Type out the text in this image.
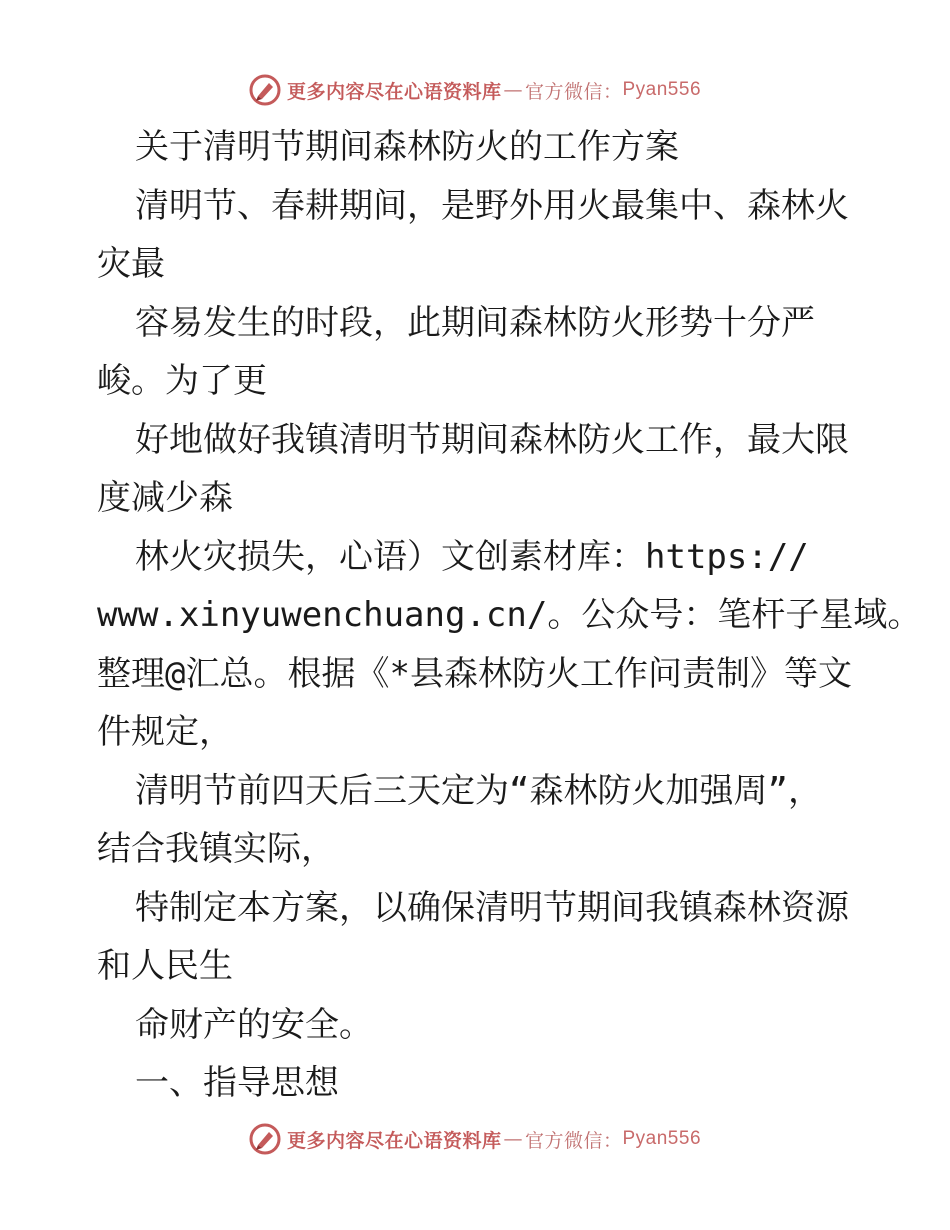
更多内容尽在心语资料库 — 官方微信： Pyan556
关于清明节期间森林防火的工作方案
清明节、春耕期间，是野外用火最集中、森林火
灾最
容易发生的时段，此期间森林防火形势十分严
峻。为了更
好地做好我镇清明节期间森林防火工作，最大限
度减少森
林火灾损失，心语）文创素材库：https://
www.xinyuwenchuang.cn/。公众号：笔杆子星域。
整理@汇总。根据《*县森林防火工作问责制》等文
件规定，
清明节前四天后三天定为“森林防火加强周”，
结合我镇实际，
特制定本方案，以确保清明节期间我镇森林资源
和人民生
命财产的安全。
一、指导思想
更多内容尽在心语资料库 — 官方微信： Pyan556
